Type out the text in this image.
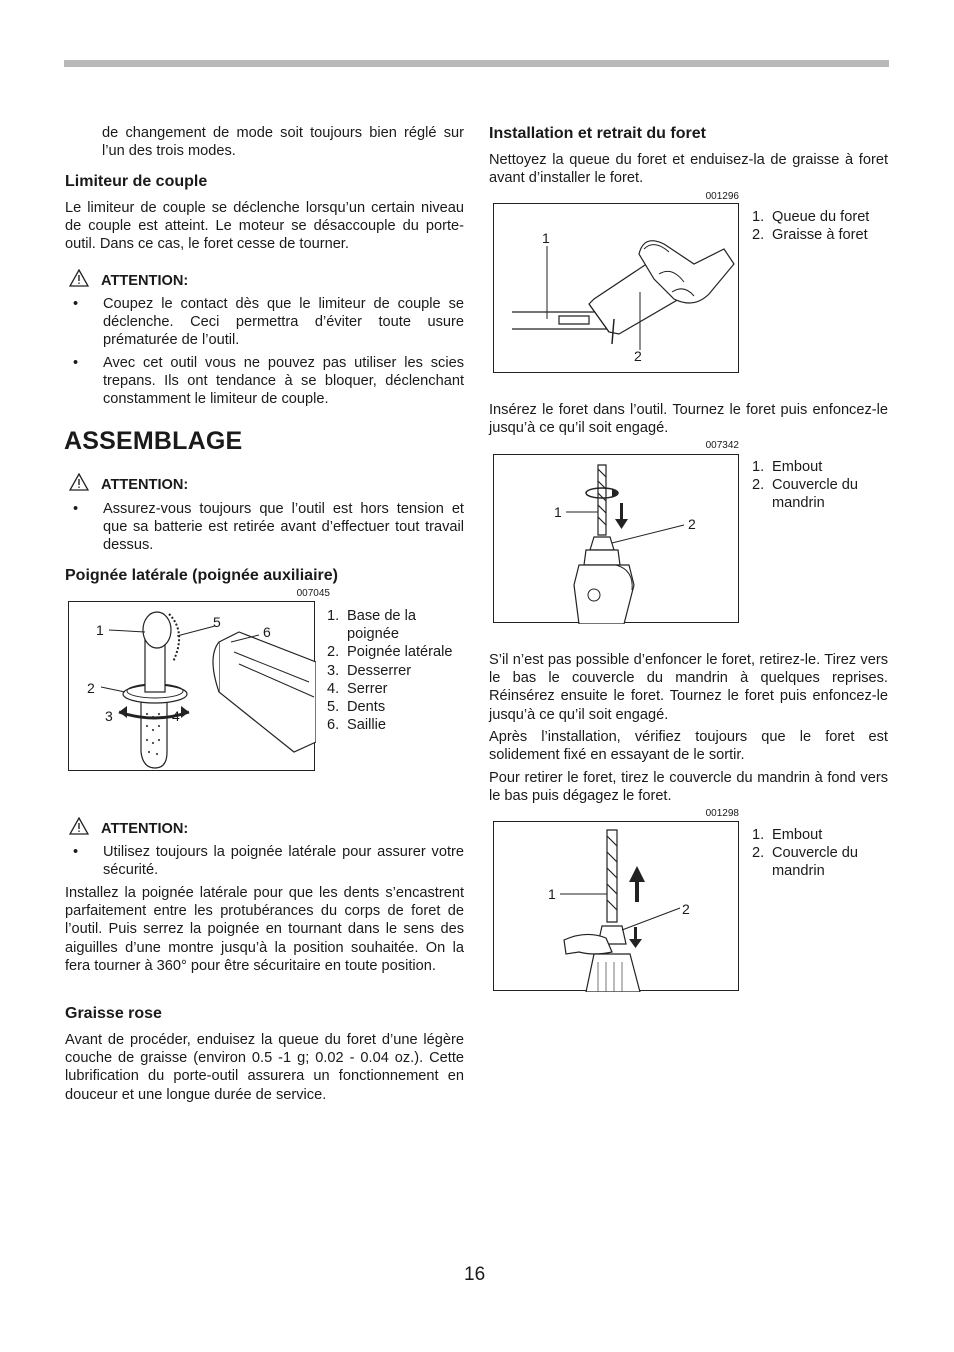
de changement de mode soit toujours bien réglé sur l’un des trois modes.

Limiteur de couple

Le limiteur de couple se déclenche lorsqu’un certain niveau de couple est atteint. Le moteur se désaccouple du porte-outil. Dans ce cas, le foret cesse de tourner.

ATTENTION:
• Coupez le contact dès que le limiteur de couple se déclenche. Ceci permettra d’éviter toute usure prématurée de l’outil.
• Avec cet outil vous ne pouvez pas utiliser les scies trepans. Ils ont tendance à se bloquer, déclenchant constamment le limiteur de couple.
ASSEMBLAGE
ATTENTION:
• Assurez-vous toujours que l’outil est hors tension et que sa batterie est retirée avant d’effectuer tout travail dessus.
Poignée latérale (poignée auxiliaire)
007045
1
2
3	4
5
6
1. Base de la poignée
2. Poignée latérale
3. Desserrer
4. Serrer
5. Dents
6. Saillie
ATTENTION:
• Utilisez toujours la poignée latérale pour assurer votre sécurité.

Installez la poignée latérale pour que les dents s’encastrent parfaitement entre les protubérances du corps de foret de l’outil. Puis serrez la poignée en tournant dans le sens des aiguilles d’une montre jusqu’à la position souhaitée. On la fera tourner à 360° pour être sécuritaire en toute position.

Graisse rose

Avant de procéder, enduisez la queue du foret d’une légère couche de graisse (environ 0.5 -1 g; 0.02 - 0.04 oz.). Cette lubrification du porte-outil assurera un fonctionnement en douceur et une longue durée de service.

Installation et retrait du foret

Nettoyez la queue du foret et enduisez-la de graisse à foret avant d’installer le foret.

001296
1
2
1. Queue du foret
2. Graisse à foret

Insérez le foret dans l’outil. Tournez le foret puis enfoncez-le jusqu’à ce qu’il soit engagé.

007342
1
2
1. Embout
2. Couvercle du mandrin

S’il n’est pas possible d’enfoncer le foret, retirez-le. Tirez vers le bas le couvercle du mandrin à quelques reprises. Réinsérez ensuite le foret. Tournez le foret puis enfoncez-le jusqu’à ce qu’il soit engagé.

Après l’installation, vérifiez toujours que le foret est solidement fixé en essayant de le sortir.

Pour retirer le foret, tirez le couvercle du mandrin à fond vers le bas puis dégagez le foret.

001298
1
2
1. Embout
2. Couvercle du mandrin
16
